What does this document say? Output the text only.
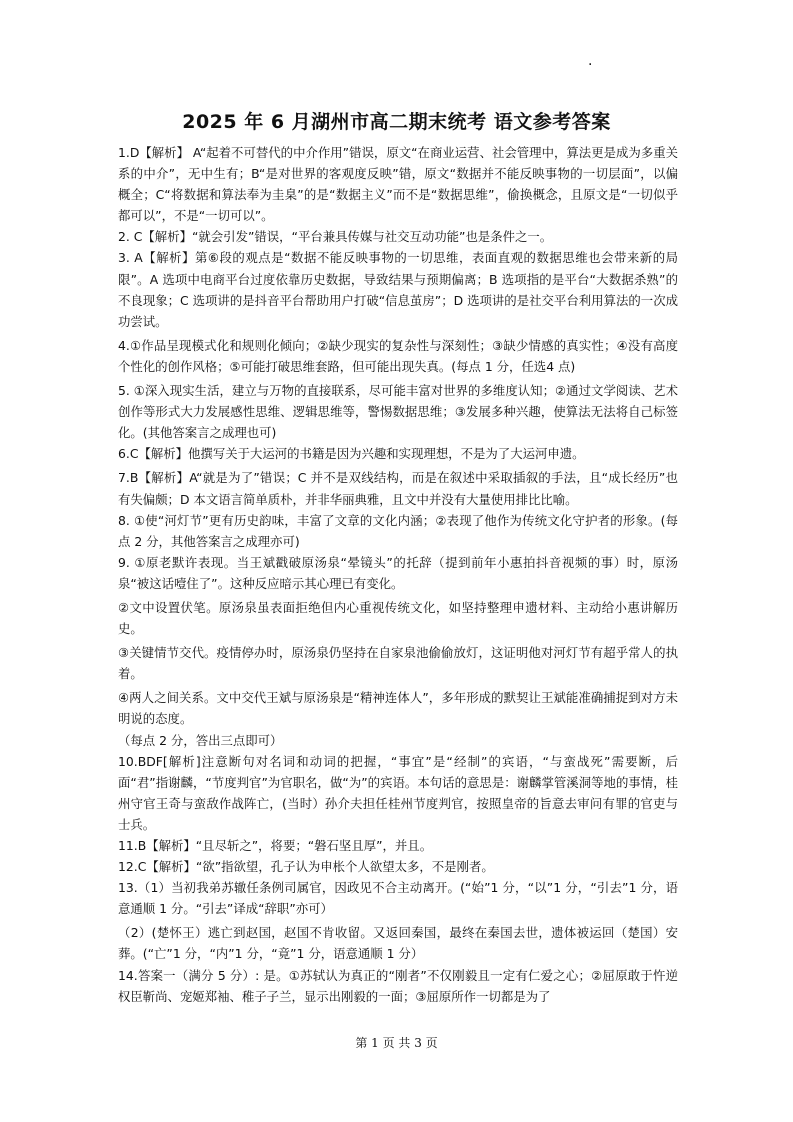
·
2025 年 6 月湖州市高二期末统考 语文参考答案

1.D【解析】 A“起着不可替代的中介作用”错误，原文“在商业运营、社会管理中，算法更是成为多重关系的中介”，无中生有；B“是对世界的客观度反映”错，原文“数据并不能反映事物的一切层面”，以偏概全；C“将数据和算法奉为圭臬”的是“数据主义”而不是“数据思维”，偷换概念，且原文是“一切似乎都可以”，不是“一切可以”。

2. C【解析】“就会引发”错误，“平台兼具传媒与社交互动功能”也是条件之一。

3. A【解析】第⑥段的观点是“数据不能反映事物的一切思维，表面直观的数据思维也会带来新的局限”。A 选项中电商平台过度依靠历史数据，导致结果与预期偏离；B 选项指的是平台“大数据杀熟”的不良现象；C 选项讲的是抖音平台帮助用户打破“信息茧房”；D 选项讲的是社交平台利用算法的一次成功尝试。

4.①作品呈现模式化和规则化倾向；②缺少现实的复杂性与深刻性；③缺少情感的真实性；④没有高度个性化的创作风格；⑤可能打破思维套路，但可能出现失真。(每点 1 分，任选4 点)

5. ①深入现实生活，建立与万物的直接联系，尽可能丰富对世界的多维度认知；②通过文学阅读、艺术创作等形式大力发展感性思维、逻辑思维等，警惕数据思维；③发展多种兴趣，使算法无法将自己标签化。(其他答案言之成理也可)

6.C【解析】他撰写关于大运河的书籍是因为兴趣和实现理想，不是为了大运河申遗。

7.B【解析】A“就是为了”错误；C 并不是双线结构，而是在叙述中采取插叙的手法，且“成长经历”也有失偏颇；D 本文语言简单质朴，并非华丽典雅，且文中并没有大量使用排比比喻。

8. ①使“河灯节”更有历史韵味，丰富了文章的文化内涵；②表现了他作为传统文化守护者的形象。(每点 2 分，其他答案言之成理亦可)

9. ①原老默许表现。当王斌戳破原汤泉“晕镜头”的托辞（提到前年小惠拍抖音视频的事）时，原汤泉“被这话噎住了”。这种反应暗示其心理已有变化。

②文中设置伏笔。原汤泉虽表面拒绝但内心重视传统文化，如坚持整理申遗材料、主动给小惠讲解历史。

③关键情节交代。疫情停办时，原汤泉仍坚持在自家泉池偷偷放灯，这证明他对河灯节有超乎常人的执着。

④两人之间关系。文中交代王斌与原汤泉是“精神连体人”，多年形成的默契让王斌能准确捕捉到对方未明说的态度。

（每点 2 分，答出三点即可）

10.BDF[解析]注意断句对名词和动词的把握，“事宜”是“经制”的宾语，“与蛮战死”需要断，后面“君”指谢麟，“节度判官”为官职名，做“为”的宾语。本句话的意思是：谢麟掌管溪洞等地的事情，桂州守官王奇与蛮敌作战阵亡，(当时）孙介夫担任桂州节度判官，按照皇帝的旨意去审问有罪的官吏与士兵。

11.B【解析】“且尽斩之”，将要；“磐石坚且厚”，并且。

12.C【解析】“欲”指欲望，孔子认为申枨个人欲望太多，不是刚者。

13.（1）当初我弟苏辙任条例司属官，因政见不合主动离开。(“始”1 分，“以”1 分，“引去”1 分，语意通顺 1 分。“引去”译成“辞职”亦可）

（2）(楚怀王）逃亡到赵国，赵国不肯收留。又返回秦国，最终在秦国去世，遗体被运回（楚国）安葬。(“亡”1 分，“内”1 分，“竟”1 分，语意通顺 1 分）

14.答案一（满分 5 分）: 是。①苏轼认为真正的“刚者”不仅刚毅且一定有仁爱之心；②屈原敢于忤逆权臣靳尚、宠姬郑袖、稚子子兰，显示出刚毅的一面；③屈原所作一切都是为了

第 1 页 共 3 页
